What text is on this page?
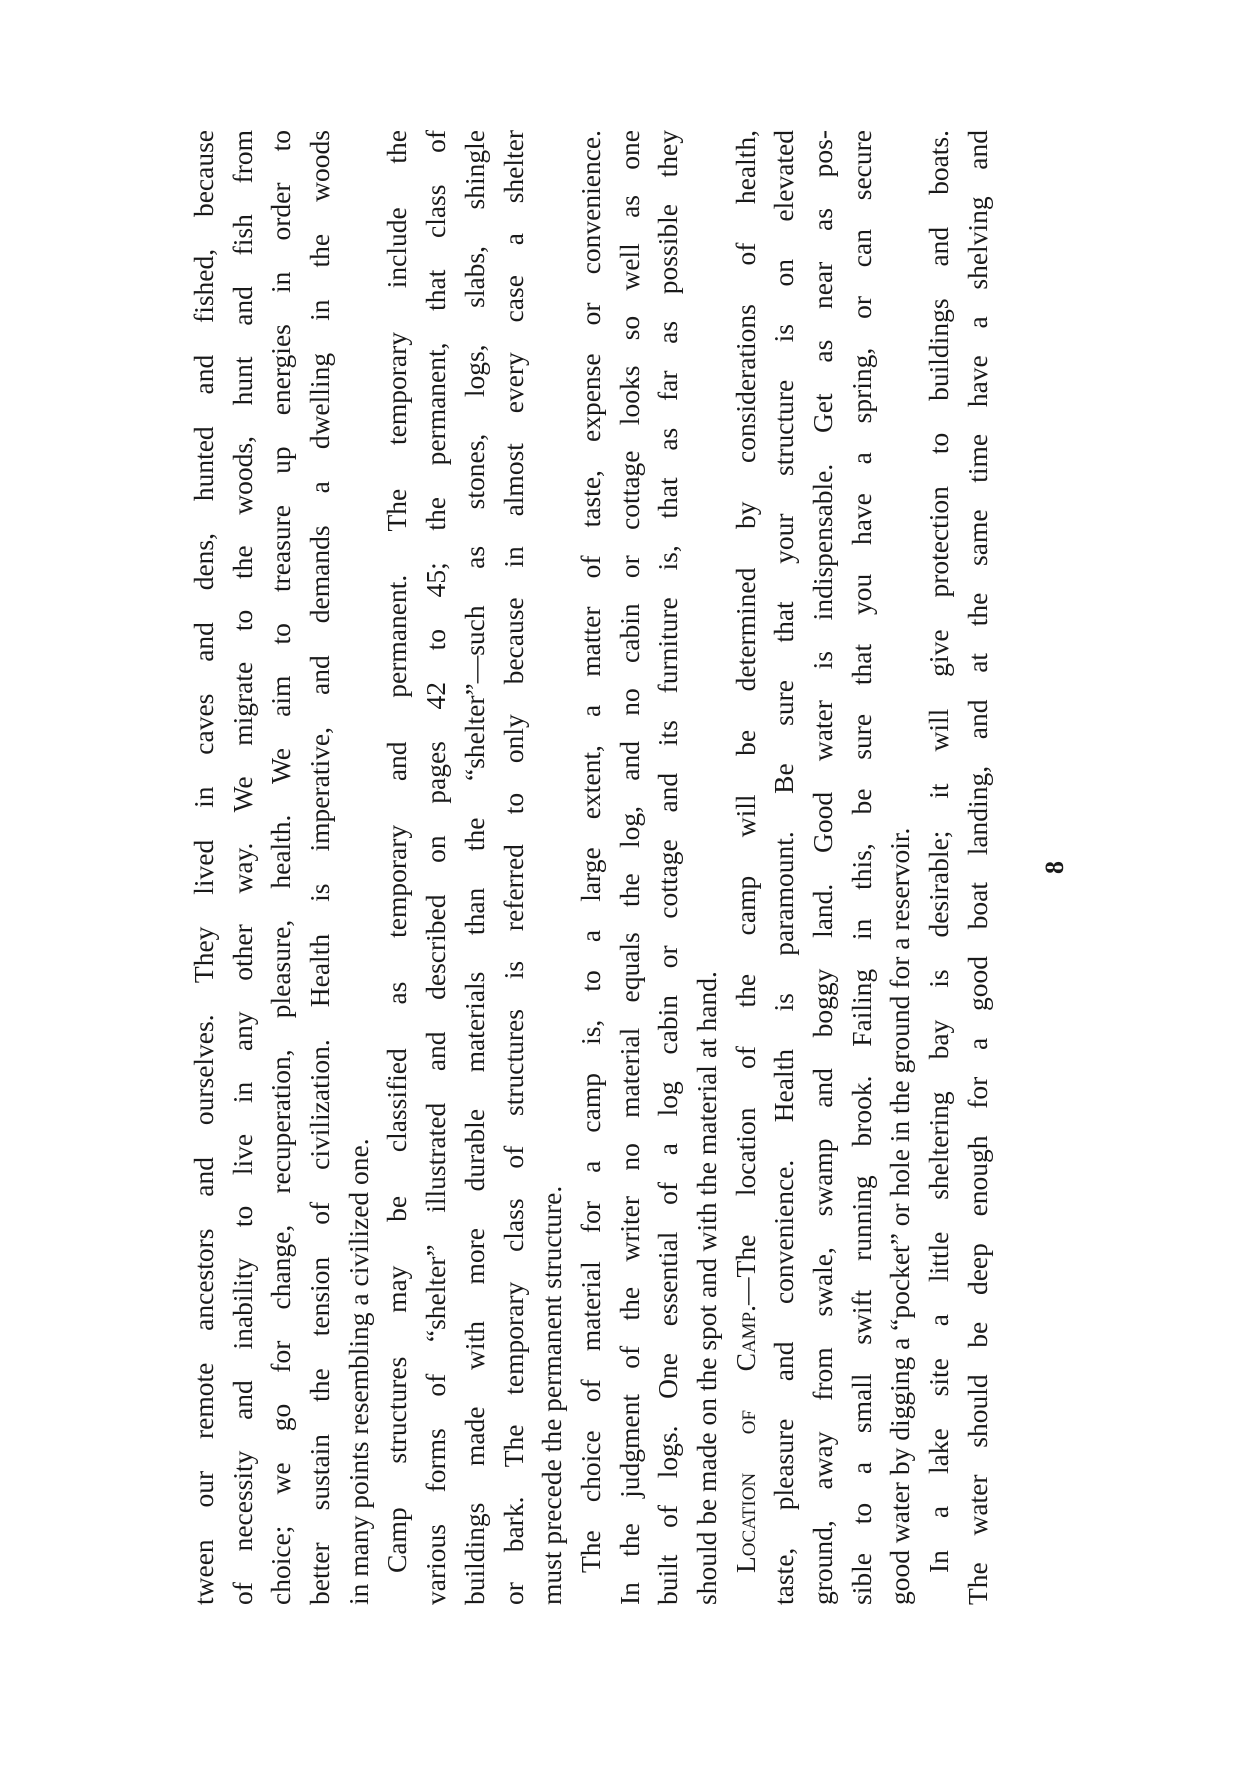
tween our remote ancestors and ourselves. They lived in caves and dens, hunted and fished, because of necessity and inability to live in any other way. We migrate to the woods, hunt and fish from choice; we go for change, recuperation, pleasure, health. We aim to treasure up energies in order to better sustain the tension of civilization. Health is imperative, and demands a dwelling in the woods in many points resembling a civilized one. Camp structures may be classified as temporary and permanent. The temporary include the various forms of “shelter” illustrated and described on pages 42 to 45; the permanent, that class of buildings made with more durable materials than the “shelter”—such as stones, logs, slabs, shingle or bark. The temporary class of structures is referred to only because in almost every case a shelter must precede the permanent structure. The choice of material for a camp is, to a large extent, a matter of taste, expense or convenience. In the judgment of the writer no material equals the log, and no cabin or cottage looks so well as one built of logs. One essential of a log cabin or cottage and its furniture is, that as far as possible they should be made on the spot and with the material at hand. Location of Camp.—The location of the camp will be determined by considerations of health, taste, pleasure and convenience. Health is paramount. Be sure that your structure is on elevated ground, away from swale, swamp and boggy land. Good water is indispensable. Get as near as pos- sible to a small swift running brook. Failing in this, be sure that you have a spring, or can secure good water by digging a “pocket” or hole in the ground for a reservoir. In a lake site a little sheltering bay is desirable; it will give protection to buildings and boats. The water should be deep enough for a good boat landing, and at the same time have a shelving and 8
